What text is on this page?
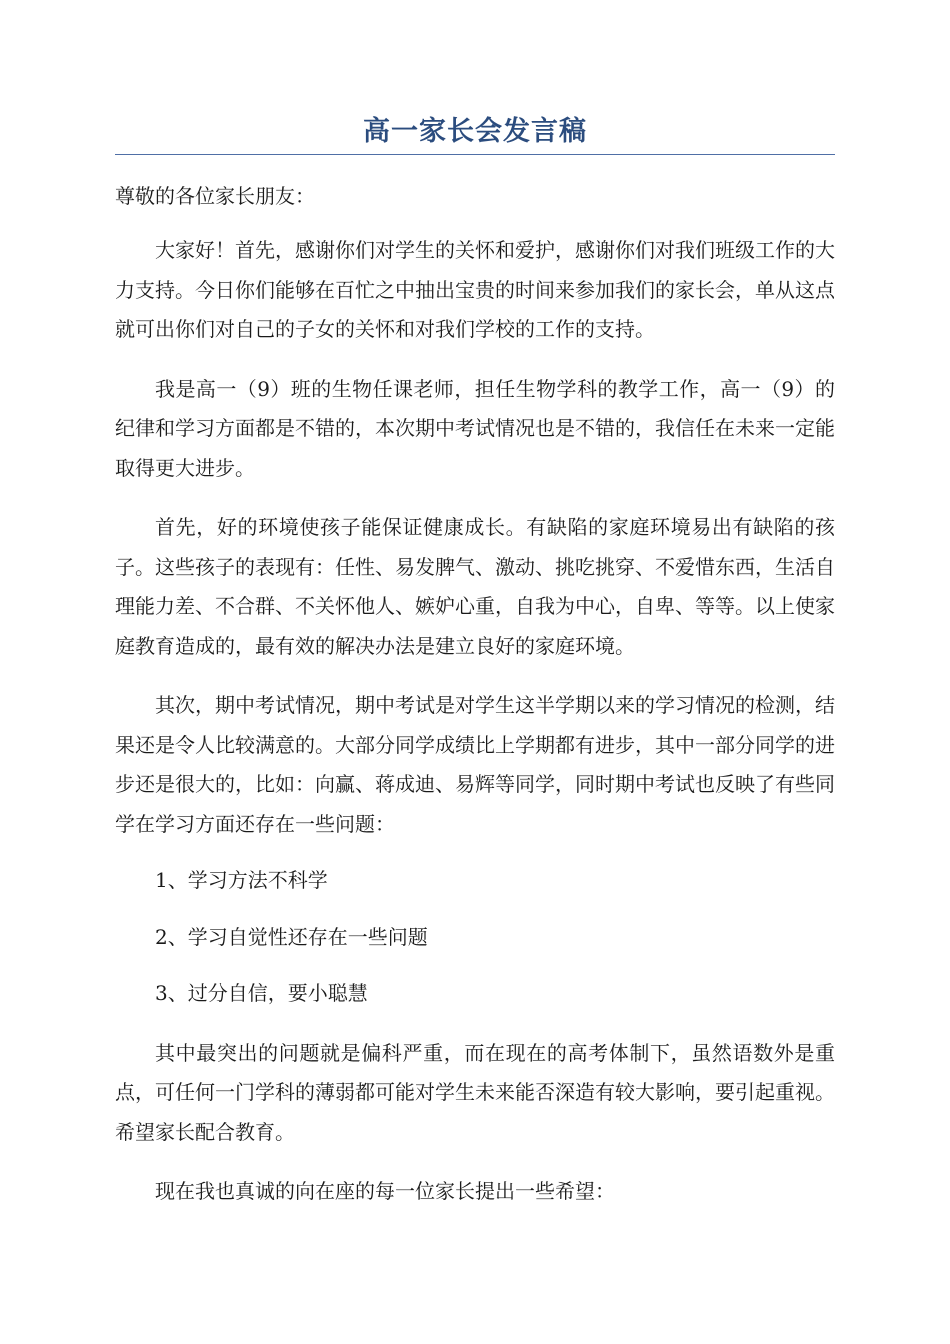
高一家长会发言稿

尊敬的各位家长朋友：

大家好！首先，感谢你们对学生的关怀和爱护，感谢你们对我们班级工作的大力支持。今日你们能够在百忙之中抽出宝贵的时间来参加我们的家长会，单从这点就可出你们对自己的子女的关怀和对我们学校的工作的支持。

我是高一（9）班的生物任课老师，担任生物学科的教学工作，高一（9）的纪律和学习方面都是不错的，本次期中考试情况也是不错的，我信任在未来一定能取得更大进步。

首先，好的环境使孩子能保证健康成长。有缺陷的家庭环境易出有缺陷的孩子。这些孩子的表现有：任性、易发脾气、激动、挑吃挑穿、不爱惜东西，生活自理能力差、不合群、不关怀他人、嫉妒心重，自我为中心，自卑、等等。以上使家庭教育造成的，最有效的解决办法是建立良好的家庭环境。

其次，期中考试情况，期中考试是对学生这半学期以来的学习情况的检测，结果还是令人比较满意的。大部分同学成绩比上学期都有进步，其中一部分同学的进步还是很大的，比如：向赢、蒋成迪、易辉等同学，同时期中考试也反映了有些同学在学习方面还存在一些问题：

1、学习方法不科学

2、学习自觉性还存在一些问题

3、过分自信，要小聪慧

其中最突出的问题就是偏科严重，而在现在的高考体制下，虽然语数外是重点，可任何一门学科的薄弱都可能对学生未来能否深造有较大影响，要引起重视。希望家长配合教育。

现在我也真诚的向在座的每一位家长提出一些希望：
